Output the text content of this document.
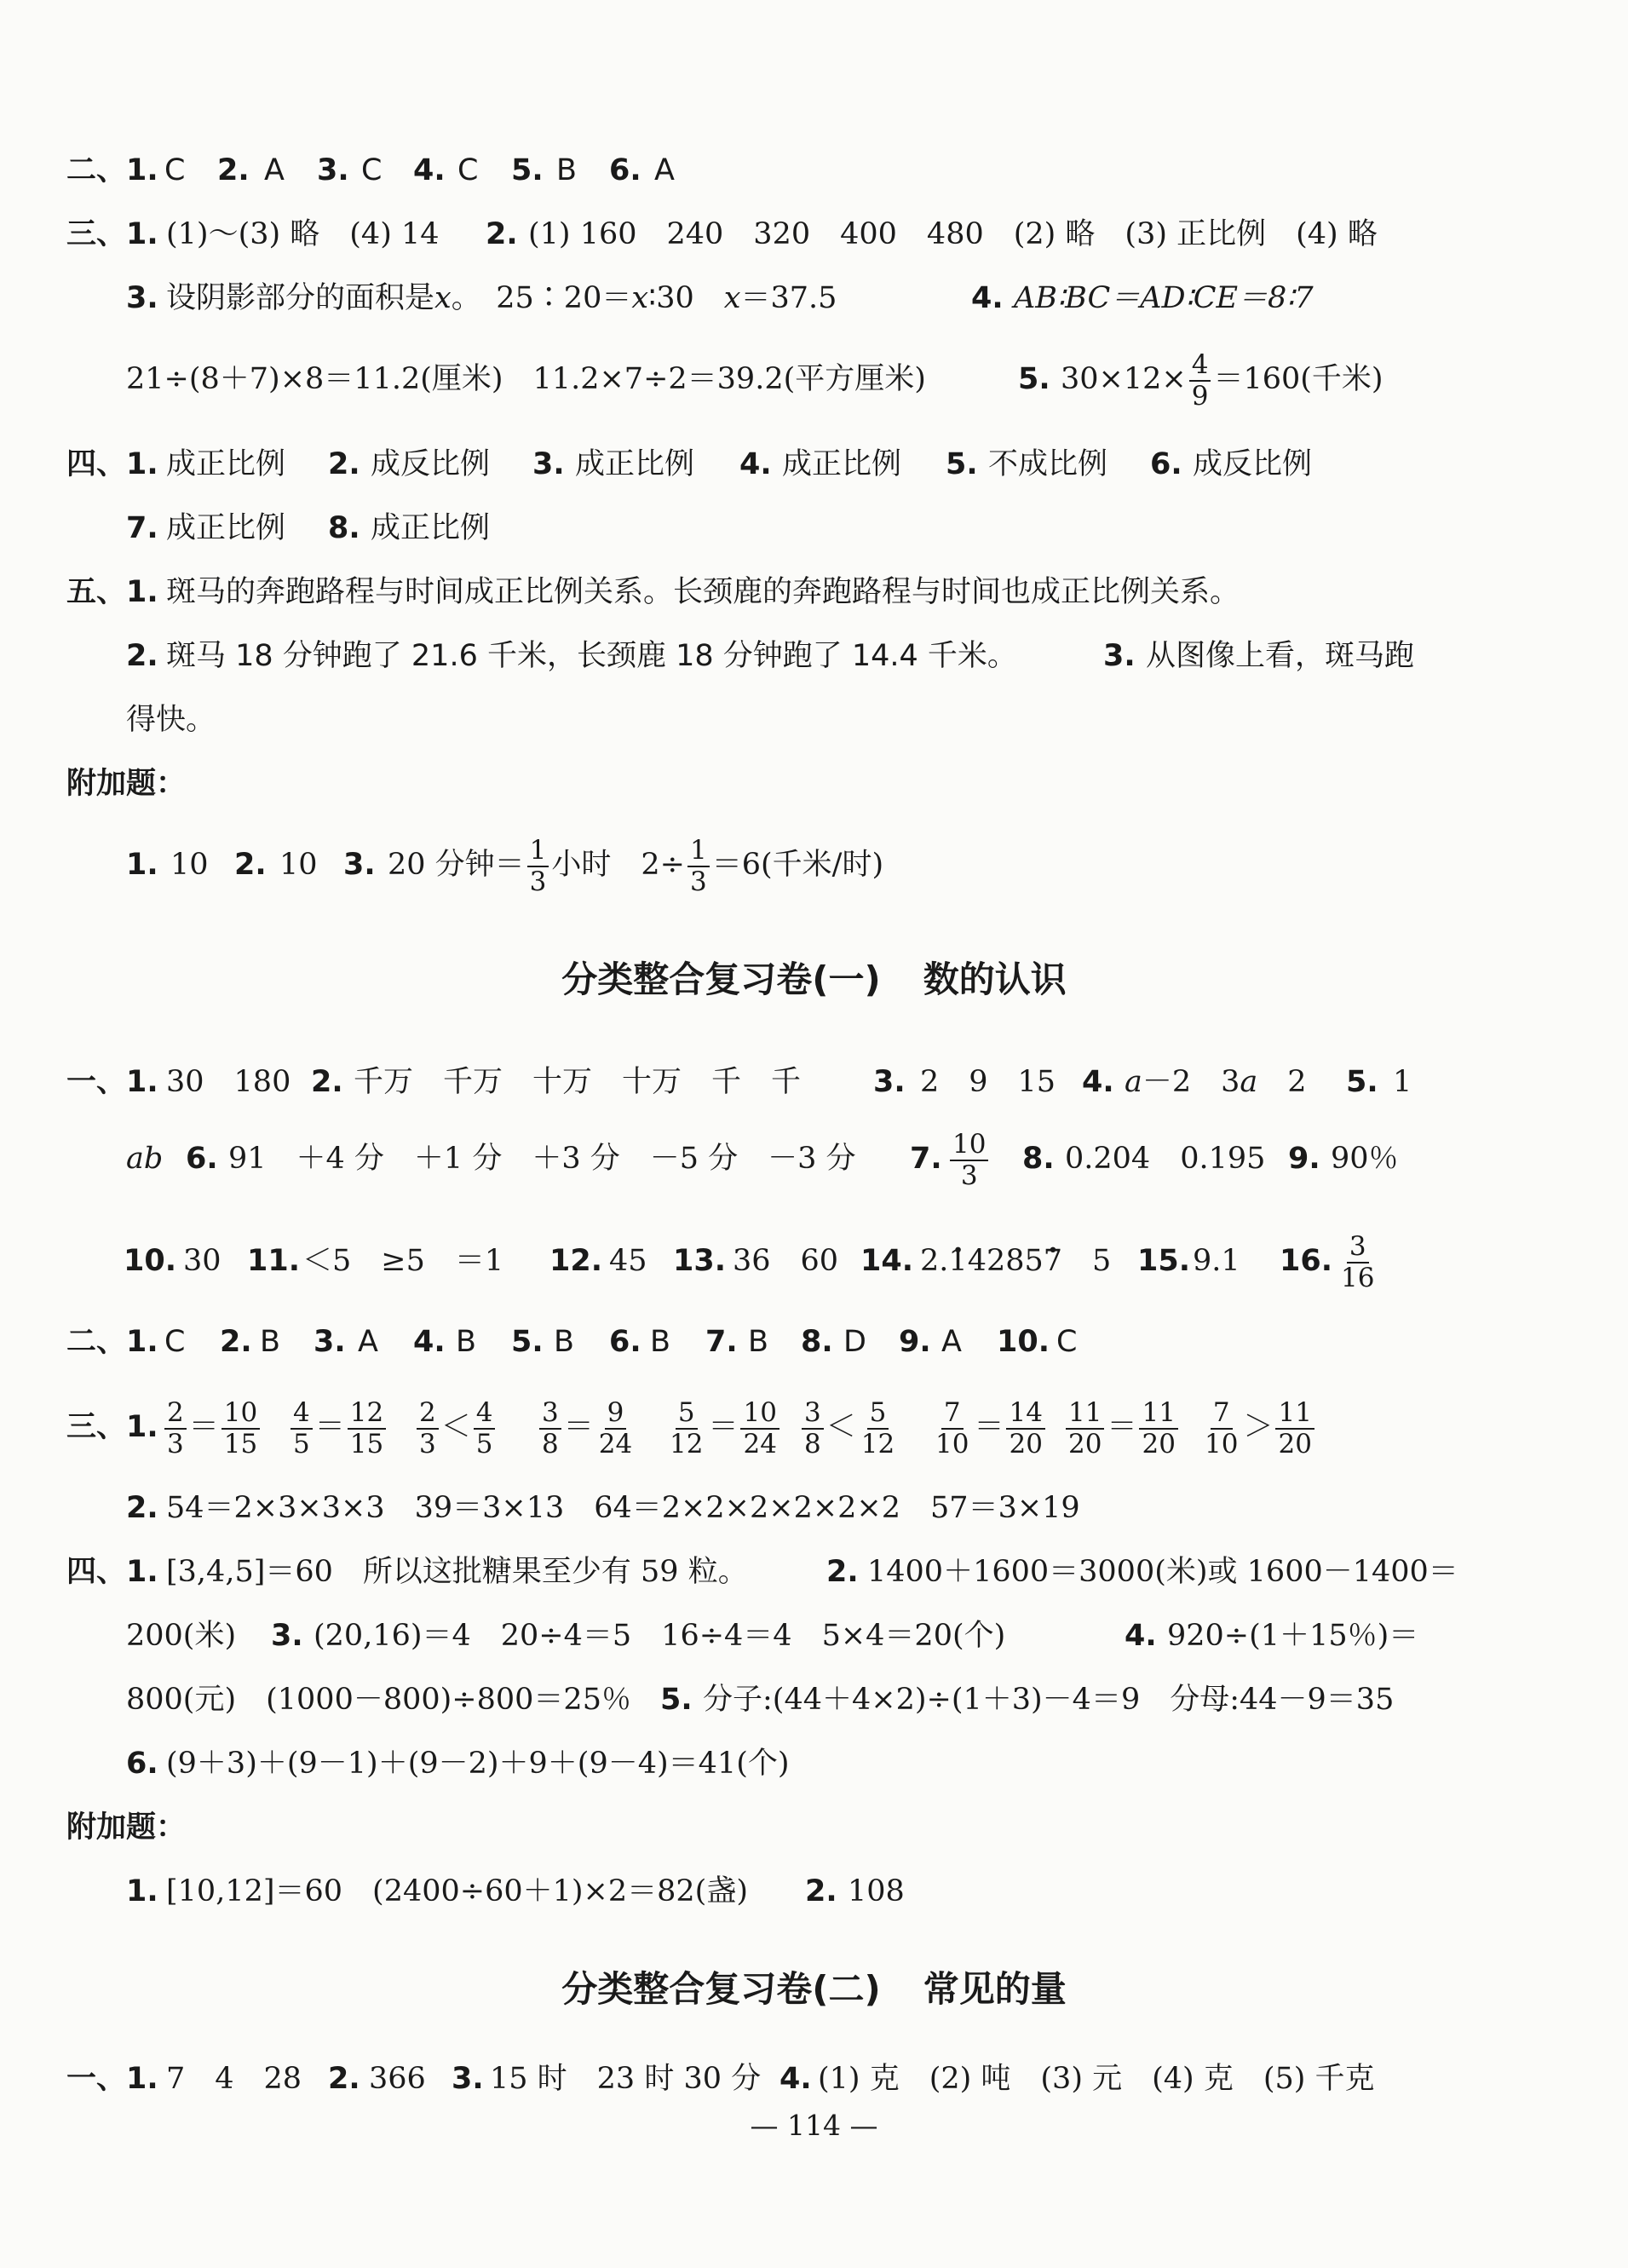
二、 1. C 2. A 3. C 4. C 5. B 6. A
三、 1. (1)～(3) 略　(4) 14 2. (1) 160　240　320　400　480　(2) 略　(3) 正比例　(4) 略
3. 设阴影部分的面积是x。　25∶20＝x∶30　x＝37.5	4. AB∶BC＝AD∶CE＝8∶7
21÷(8＋7)×8＝11.2(厘米)　11.2×7÷2＝39.2(平方厘米)	5. $30\times 12\times \frac{4}{9} =160$(千米)
四、 1. 成正比例 2. 成反比例 3. 成正比例 4. 成正比例 5. 不成比例 6. 成反比例
7. 成正比例 8. 成正比例
五、 1. 斑马的奔跑路程与时间成正比例关系。长颈鹿的奔跑路程与时间也成正比例关系。
2. 斑马 18 分钟跑了 21.6 千米，长颈鹿 18 分钟跑了 14.4 千米。	3. 从图像上看，斑马跑
得快。
附加题：
1. 10 2. 10 3. 20 分钟＝ $\frac{1}{3}$ 小时　$2\div \frac{1}{3} =6$(千米/时)
分类整合复习卷(一) 数的认识
一、 1. 30　180 2. 千万　千万　十万　十万　千　千 3. 2　9　15 4. a－2　3a　2 5. 1
ab 6. 91　＋4 分　＋1 分　＋3 分　－5 分　－3 分 7. $\frac{10}{3} 8$. 0.204　0.195 9. 90％
10. 30 11. ＜5　≥5　＝1 12. 45 13. 36　60 14. 2.· 14285· 7　5 15. 9.1 16. $\frac{3}{16}$
二、 1. C 2. B 3. A 4. B 5. B 6. B 7. B 8. D 9. A 10. C
三、 1. $\frac{2}{3} = \frac{10}{15} \frac{4}{5} = \frac{12}{15} \frac{2}{3} < \frac{4}{5} \frac{3}{8} = \frac{9}{24} \frac{5}{12} = \frac{10}{24} \frac{3}{8} < \frac{5}{12} \frac{7}{10} = \frac{14}{20} \frac{11}{20} = \frac{11}{20} \frac{7}{10} > \frac{11}{20}$
2. 54＝2×3×3×3　39＝3×13　64＝2×2×2×2×2×2　57＝3×19
四、 1. [3,4,5]＝60　所以这批糖果至少有 59 粒。	2. 1400＋1600＝3000(米)或 1600－1400＝
200(米) 3. (20,16)＝4　20÷4＝5　16÷4＝4　5×4＝20(个)	4. 920÷(1＋15％)＝
800(元)　(1000－800)÷800＝25％ 5. 分子:(44＋4×2)÷(1＋3)－4＝9　分母:44－9＝35
6. (9＋3)＋(9－1)＋(9－2)＋9＋(9－4)＝41(个)
附加题：
1. [10,12]＝60　(2400÷60＋1)×2＝82(盏) 2. 108
分类整合复习卷(二) 常见的量
一、 1. 7　4　28 2. 366 3. 15 时　23 时 30 分 4. (1) 克　(2) 吨　(3) 元　(4) 克　(5) 千克
— 114 —
